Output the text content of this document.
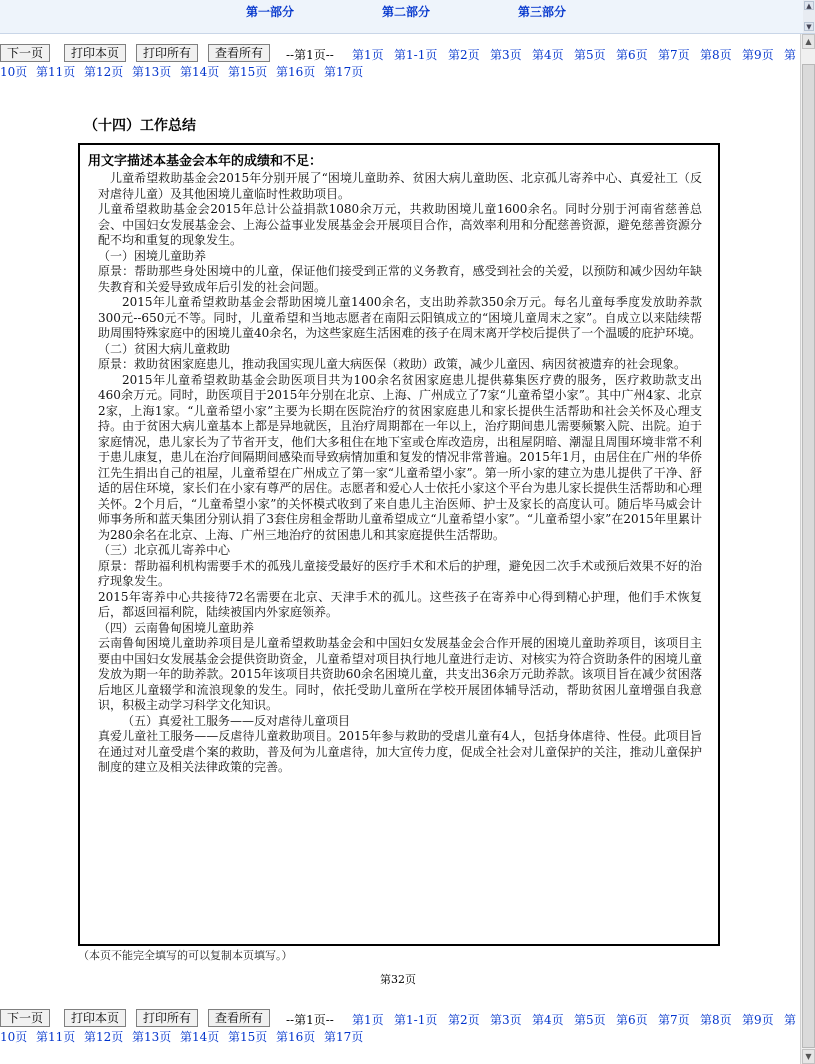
第一部分	第二部分	第三部分	▲
▼
下一页	打印本页	打印所有	查看所有	--第1页-- 第1页 第1-1页 第2页 第3页 第4页 第5页 第6页 第7页 第8页 第9页 第
10页 第11页 第12页 第13页 第14页 第15页 第16页 第17页
（十四）工作总结
用文字描述本基金会本年的成绩和不足：

儿童希望救助基金会2015年分别开展了“困境儿童助养、贫困大病儿童助医、北京孤儿寄养中心、真爱社工（反对虐待儿童）及其他困境儿童临时性救助项目。

儿童希望救助基金会2015年总计公益捐款1080余万元，共救助困境儿童1600余名。同时分别于河南省慈善总会、中国妇女发展基金会、上海公益事业发展基金会开展项目合作，高效率利用和分配慈善资源，避免慈善资源分配不均和重复的现象发生。

（一）困境儿童助养

原景：帮助那些身处困境中的儿童，保证他们接受到正常的义务教育，感受到社会的关爱，以预防和减少因幼年缺失教育和关爱导致成年后引发的社会问题。

2015年儿童希望救助基金会帮助困境儿童1400余名，支出助养款350余万元。每名儿童每季度发放助养款300元--650元不等。同时，儿童希望和当地志愿者在南阳云阳镇成立的“困境儿童周末之家”。自成立以来陆续帮助周围特殊家庭中的困境儿童40余名，为这些家庭生活困难的孩子在周末离开学校后提供了一个温暖的庇护环境。

（二）贫困大病儿童救助

原景：救助贫困家庭患儿，推动我国实现儿童大病医保（救助）政策，减少儿童因、病因贫被遗弃的社会现象。

2015年儿童希望救助基金会助医项目共为100余名贫困家庭患儿提供募集医疗费的服务，医疗救助款支出460余万元。同时，助医项目于2015年分别在北京、上海、广州成立了7家“儿童希望小家”。其中广州4家、北京2家，上海1家。“儿童希望小家”主要为长期在医院治疗的贫困家庭患儿和家长提供生活帮助和社会关怀及心理支持。由于贫困大病儿童基本上都是异地就医，且治疗周期都在一年以上，治疗期间患儿需要频繁入院、出院。迫于家庭情况，患儿家长为了节省开支，他们大多租住在地下室或仓库改造房，出租屋阴暗、潮湿且周围环境非常不利于患儿康复，患儿在治疗间隔期间感染而导致病情加重和复发的情况非常普遍。2015年1月，由居住在广州的华侨江先生捐出自己的祖屋，儿童希望在广州成立了第一家“儿童希望小家”。第一所小家的建立为患儿提供了干净、舒适的居住环境，家长们在小家有尊严的居住。志愿者和爱心人士依托小家这个平台为患儿家长提供生活帮助和心理关怀。2个月后，“儿童希望小家”的关怀模式收到了来自患儿主治医师、护士及家长的高度认可。随后毕马威会计师事务所和蓝天集团分别认捐了3套住房租金帮助儿童希望成立“儿童希望小家”。“儿童希望小家”在2015年里累计为280余名在北京、上海、广州三地治疗的贫困患儿和其家庭提供生活帮助。

（三）北京孤儿寄养中心

原景：帮助福利机构需要手术的孤残儿童接受最好的医疗手术和术后的护理，避免因二次手术或预后效果不好的治疗现象发生。

2015年寄养中心共接待72名需要在北京、天津手术的孤儿。这些孩子在寄养中心得到精心护理，他们手术恢复后，都返回福利院，陆续被国内外家庭领养。

（四）云南鲁甸困境儿童助养

云南鲁甸困境儿童助养项目是儿童希望救助基金会和中国妇女发展基金会合作开展的困境儿童助养项目，该项目主要由中国妇女发展基金会提供资助资金，儿童希望对项目执行地儿童进行走访、对核实为符合资助条件的困境儿童发放为期一年的助养款。2015年该项目共资助60余名困境儿童，共支出36余万元助养款。该项目旨在减少贫困落后地区儿童辍学和流浪现象的发生。同时，依托受助儿童所在学校开展团体辅导活动，帮助贫困儿童增强自我意识，积极主动学习科学文化知识。

（五）真爱社工服务——反对虐待儿童项目

真爱儿童社工服务——反虐待儿童救助项目。2015年参与救助的受虐儿童有4人，包括身体虐待、性侵。此项目旨在通过对儿童受虐个案的救助，普及何为儿童虐待，加大宣传力度，促成全社会对儿童保护的关注，推动儿童保护制度的建立及相关法律政策的完善。

（本页不能完全填写的可以复制本页填写。）
第32页
下一页	打印本页	打印所有	查看所有	--第1页-- 第1页 第1-1页 第2页 第3页 第4页 第5页 第6页 第7页 第8页 第9页 第
10页 第11页 第12页 第13页 第14页 第15页 第16页 第17页
▲
▼
